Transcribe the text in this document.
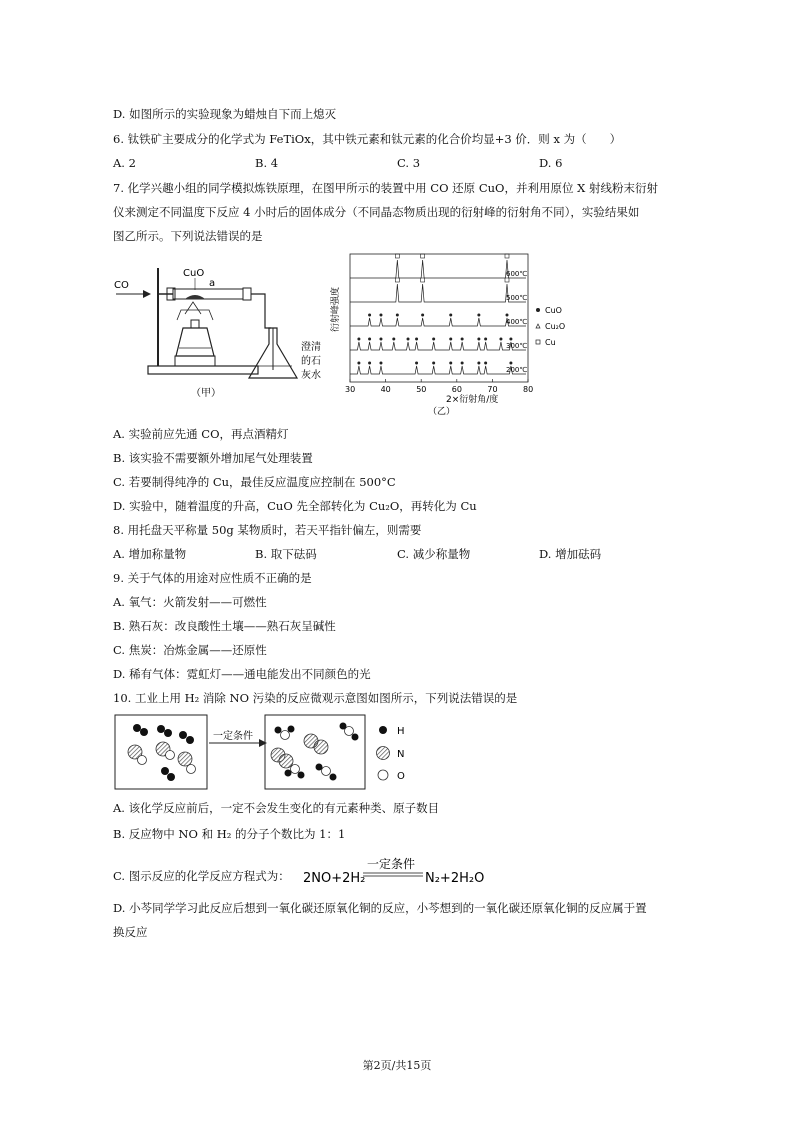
D. 如图所示的实验现象为蜡烛自下而上熄灭
6. 钛铁矿主要成分的化学式为 FeTiOx，其中铁元素和钛元素的化合价均显+3 价．则 x 为（　　）
A. 2	B. 4	C. 3	D. 6
7. 化学兴趣小组的同学模拟炼铁原理，在图甲所示的装置中用 CO 还原 CuO，并利用原位 X 射线粉末衍射
仪来测定不同温度下反应 4 小时后的固体成分（不同晶态物质出现的衍射峰的衍射角不同），实验结果如
图乙所示。下列说法错误的是
CO
CuO
a
澄清
的石
灰水
（甲）
衍射峰强度
600℃
500℃
400℃
300℃
200℃
30	40	50	60	70	80
2×衍射角/度
（乙）
CuO
Cu₂O
Cu
A. 实验前应先通 CO，再点酒精灯
B. 该实验不需要额外增加尾气处理装置
C. 若要制得纯净的 Cu，最佳反应温度应控制在 500°C
D. 实验中，随着温度的升高，CuO 先全部转化为 Cu₂O，再转化为 Cu
8. 用托盘天平称量 50g 某物质时，若天平指针偏左，则需要
A. 增加称量物	B. 取下砝码	C. 减少称量物	D. 增加砝码
9. 关于气体的用途对应性质不正确的是
A. 氧气：火箭发射——可燃性
B. 熟石灰：改良酸性土壤——熟石灰呈碱性
C. 焦炭：冶炼金属——还原性
D. 稀有气体：霓虹灯——通电能发出不同颜色的光
10. 工业上用 H₂ 消除 NO 污染的反应微观示意图如图所示，下列说法错误的是
一定条件	H
N
O
A. 该化学反应前后，一定不会发生变化的有元素种类、原子数目
B. 反应物中 NO 和 H₂ 的分子个数比为 1：1
C. 图示反应的化学反应方程式为： 2NO+2H₂
一定条件
N₂+2H₂O
D. 小芩同学学习此反应后想到一氧化碳还原氧化铜的反应，小芩想到的一氧化碳还原氧化铜的反应属于置
换反应
第2页/共15页
